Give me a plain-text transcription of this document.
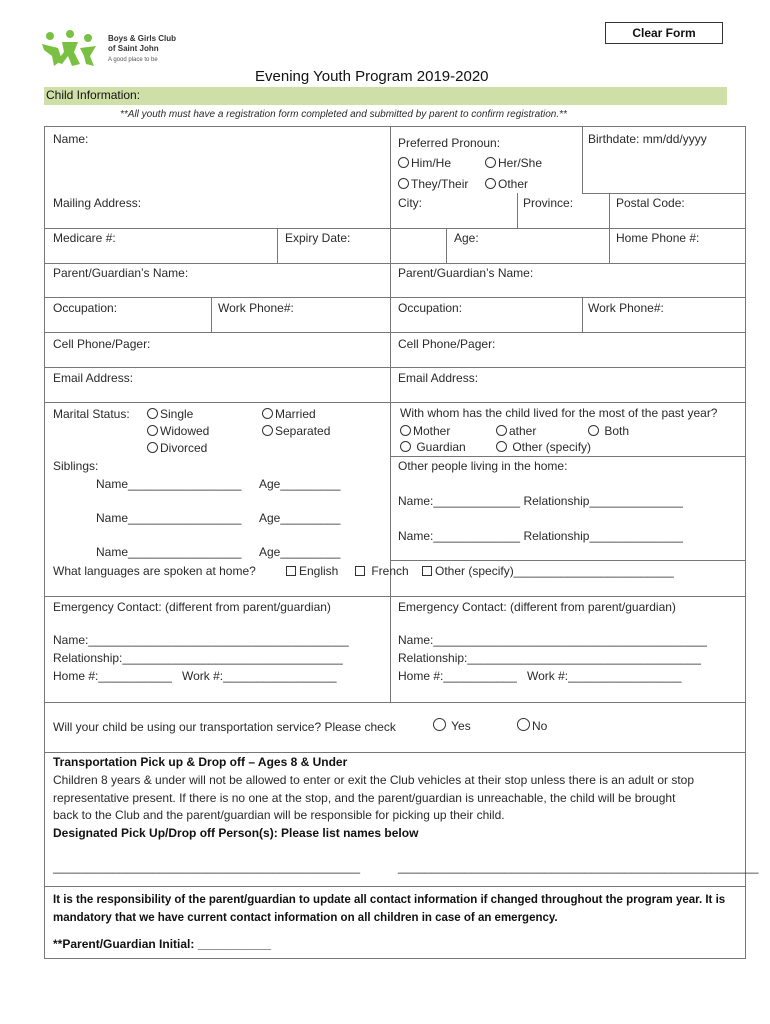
Clear Form
Boys & Girls Club
of Saint John
A good place to be
Evening Youth Program 2019-2020
Child Information:
**All youth must have a registration form completed and submitted by parent to confirm registration.**
Name:	Preferred Pronoun:	Birthdate: mm/dd/yyyy
Him/He	Her/She
They/Their	Other
Mailing Address:	City:	Province:	Postal Code:
Medicare #:	Expiry Date:	Age:	Home Phone #:
Parent/Guardian’s Name:	Parent/Guardian’s Name:
Occupation:	Work Phone#:	Occupation:	Work Phone#:
Cell Phone/Pager:	Cell Phone/Pager:
Email Address:	Email Address:
Marital Status:	Single
Widowed
Divorced
Married
Separated
With whom has the child lived for the most of the past year?
Mother	ather	Both
Guardian	Other (specify)
Siblings:
Name_________________ Age_________
Name_________________ Age_________
Name_________________ Age_________
Other people living in the home:
Name:_____________ Relationship______________
Name:_____________ Relationship______________
What languages are spoken at home?	English	French	Other (specify)________________________
Emergency Contact: (different from parent/guardian)
Name:_______________________________________
Relationship:_________________________________
Home #:___________ Work #:_________________
Emergency Contact: (different from parent/guardian)
Name:_________________________________________
Relationship:___________________________________
Home #:___________ Work #:_________________
Will your child be using our transportation service? Please check	Yes	No
Transportation Pick up & Drop off – Ages 8 & Under
Children 8 years & under will not be allowed to enter or exit the Club vehicles at their stop unless there is an adult or stop
representative present. If there is no one at the stop, and the parent/guardian is unreachable, the child will be brought
back to the Club and the parent/guardian will be responsible for picking up their child.
Designated Pick Up/Drop off Person(s): Please list names below
______________________________________________	______________________________________________________
It is the responsibility of the parent/guardian to update all contact information if changed throughout the program year. It is
mandatory that we have current contact information on all children in case of an emergency.
**Parent/Guardian Initial: ___________
